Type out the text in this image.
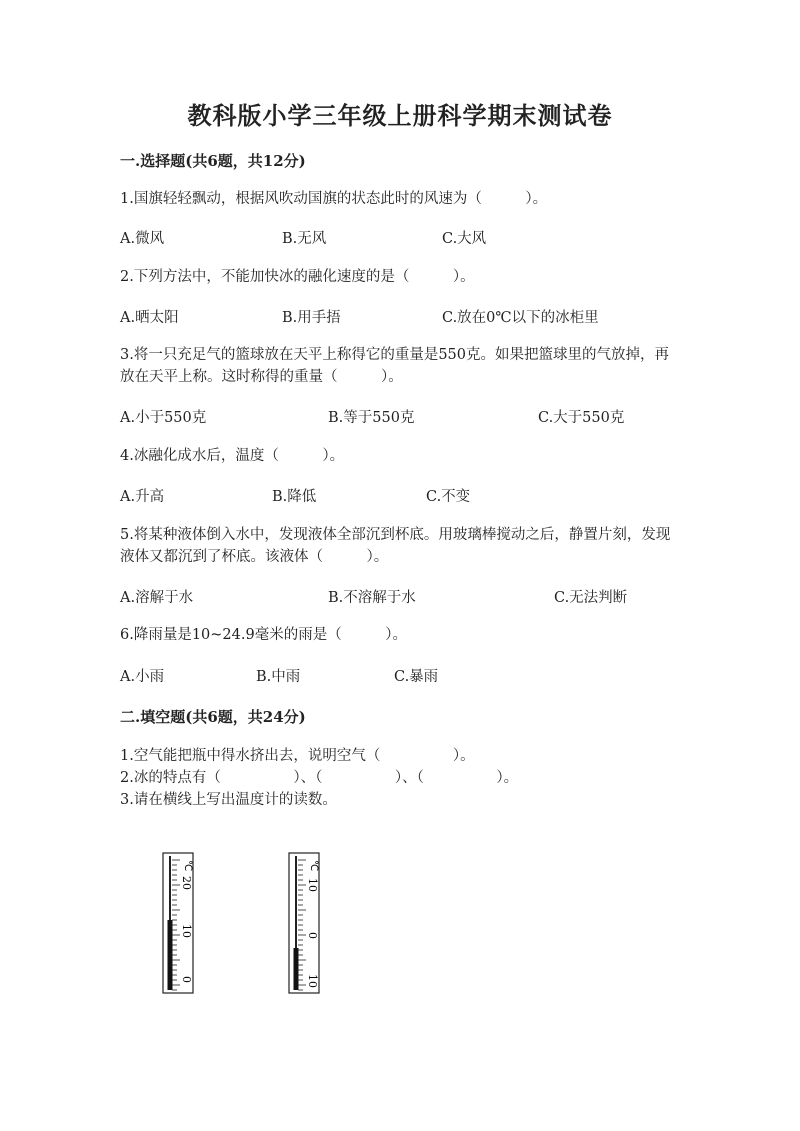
教科版小学三年级上册科学期末测试卷
一.选择题(共6题，共12分)
1.国旗轻轻飘动，根据风吹动国旗的状态此时的风速为（　　　）。
A.微风	B.无风	C.大风
2.下列方法中，不能加快冰的融化速度的是（　　　）。
A.晒太阳	B.用手捂	C.放在0℃以下的冰柜里
3.将一只充足气的篮球放在天平上称得它的重量是550克。如果把篮球里的气放掉，再放在天平上称。这时称得的重量（　　　）。
A.小于550克	B.等于550克	C.大于550克
4.冰融化成水后，温度（　　　）。
A.升高	B.降低	C.不变
5.将某种液体倒入水中，发现液体全部沉到杯底。用玻璃棒搅动之后，静置片刻，发现液体又都沉到了杯底。该液体（　　　）。
A.溶解于水	B.不溶解于水	C.无法判断
6.降雨量是10~24.9毫米的雨是（　　　）。
A.小雨	B.中雨	C.暴雨
二.填空题(共6题，共24分)
1.空气能把瓶中得水挤出去，说明空气（　　　　　）。
2.冰的特点有（　　　　　）、（　　　　　）、（　　　　　）。
3.请在横线上写出温度计的读数。
℃
20
10
0
℃
10
0
10
